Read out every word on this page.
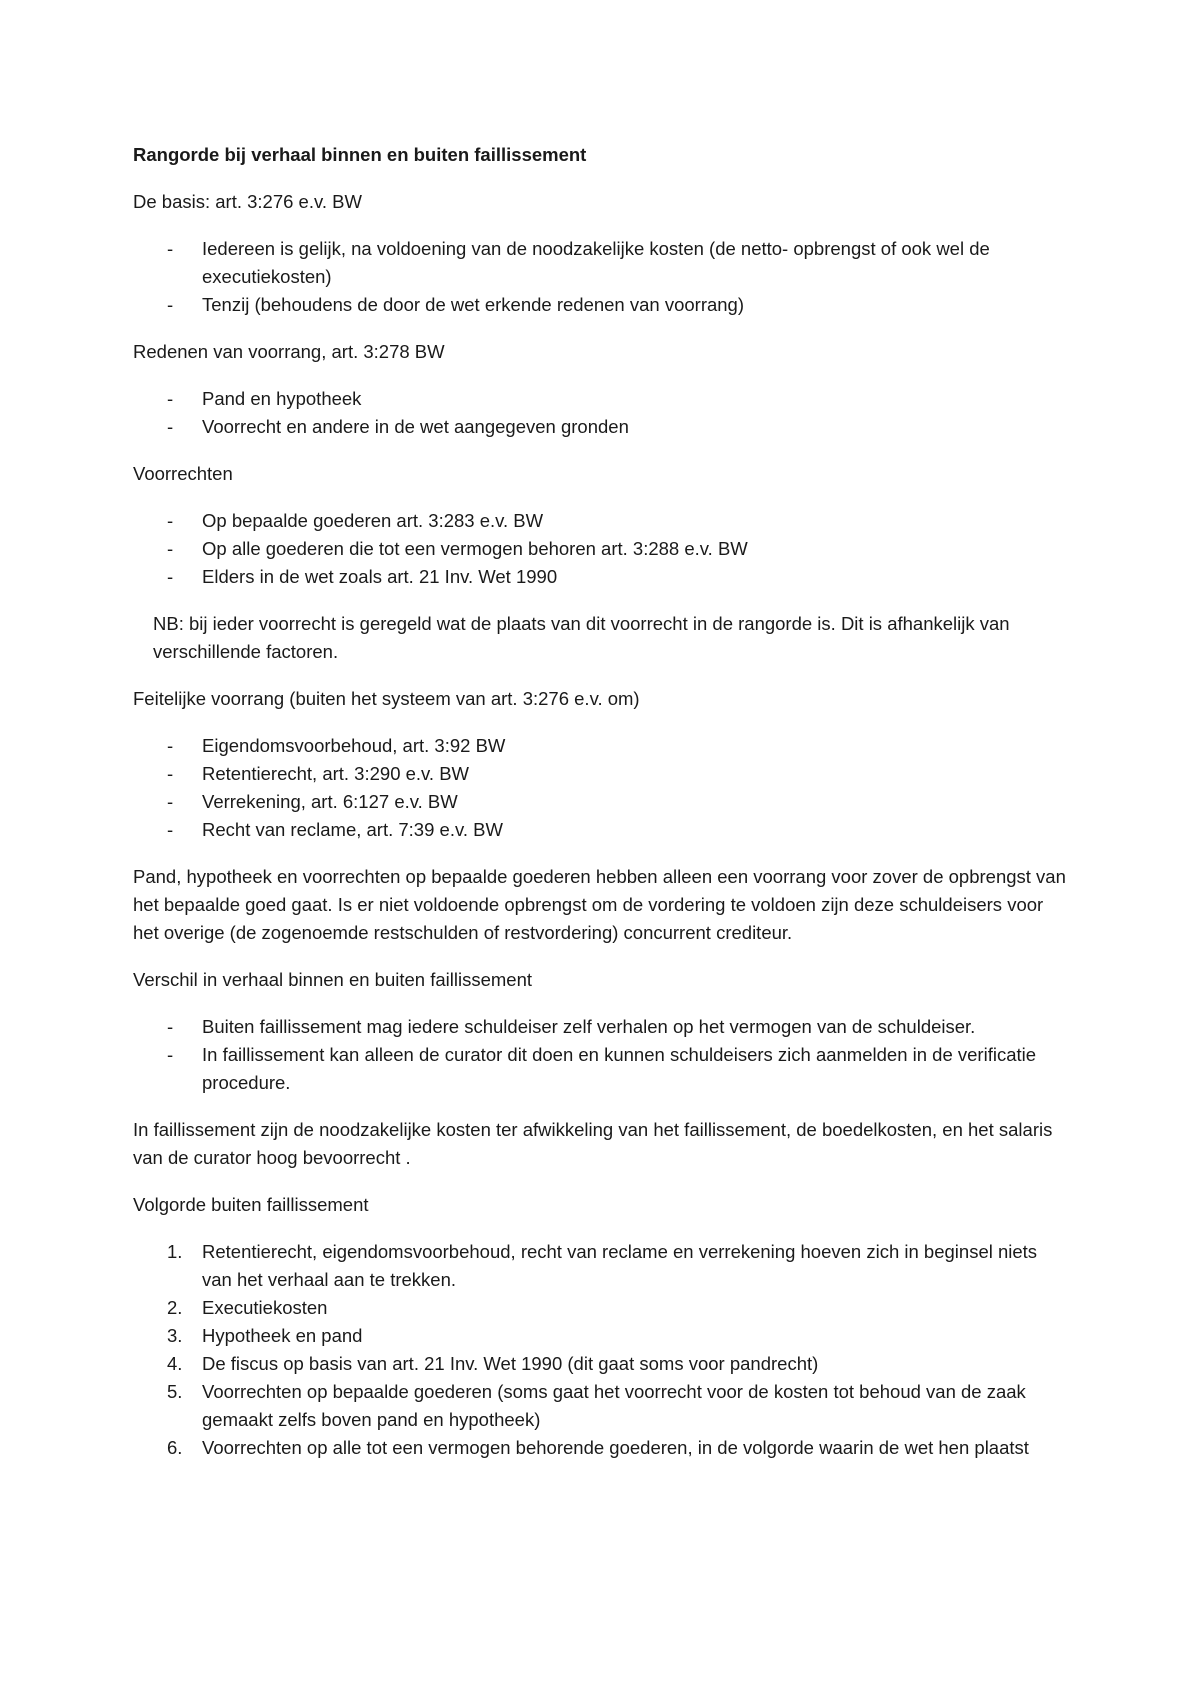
Rangorde bij verhaal binnen en buiten faillissement

De basis: art. 3:276 e.v. BW

-	Iedereen is gelijk, na voldoening van de noodzakelijke kosten (de netto- opbrengst of ook wel de executiekosten)
-	Tenzij (behoudens de door de wet erkende redenen van voorrang)

Redenen van voorrang, art. 3:278 BW

-	Pand en hypotheek
-	Voorrecht en andere in de wet aangegeven gronden

Voorrechten

-	Op bepaalde goederen art. 3:283 e.v. BW
-	Op alle goederen die tot een vermogen behoren art. 3:288 e.v. BW
-	Elders in de wet zoals art. 21 Inv. Wet 1990

NB: bij ieder voorrecht is geregeld wat de plaats van dit voorrecht in de rangorde is. Dit is afhankelijk van verschillende factoren.

Feitelijke voorrang (buiten het systeem van art. 3:276 e.v. om)

-	Eigendomsvoorbehoud, art. 3:92 BW
-	Retentierecht, art. 3:290 e.v. BW
-	Verrekening, art. 6:127 e.v. BW
-	Recht van reclame, art. 7:39 e.v. BW

Pand, hypotheek en voorrechten op bepaalde goederen hebben alleen een voorrang voor zover de opbrengst van het bepaalde goed gaat. Is er niet voldoende opbrengst om de vordering te voldoen zijn deze schuldeisers voor het overige (de zogenoemde restschulden of restvordering) concurrent crediteur.

Verschil in verhaal binnen en buiten faillissement

-	Buiten faillissement mag iedere schuldeiser zelf verhalen op het vermogen van de schuldeiser.
-	In faillissement kan alleen de curator dit doen en kunnen schuldeisers zich aanmelden in de verificatie procedure.

In faillissement zijn de noodzakelijke kosten ter afwikkeling van het faillissement, de boedelkosten, en het salaris van de curator hoog bevoorrecht .

Volgorde buiten faillissement

1.	Retentierecht, eigendomsvoorbehoud, recht van reclame en verrekening hoeven zich in beginsel niets van het verhaal aan te trekken.
2.	Executiekosten
3.	Hypotheek en pand
4.	De fiscus op basis van art. 21 Inv. Wet 1990 (dit gaat soms voor pandrecht)
5.	Voorrechten op bepaalde goederen (soms gaat het voorrecht voor de kosten tot behoud van de zaak gemaakt zelfs boven pand en hypotheek)
6.	Voorrechten op alle tot een vermogen behorende goederen, in de volgorde waarin de wet hen plaatst
